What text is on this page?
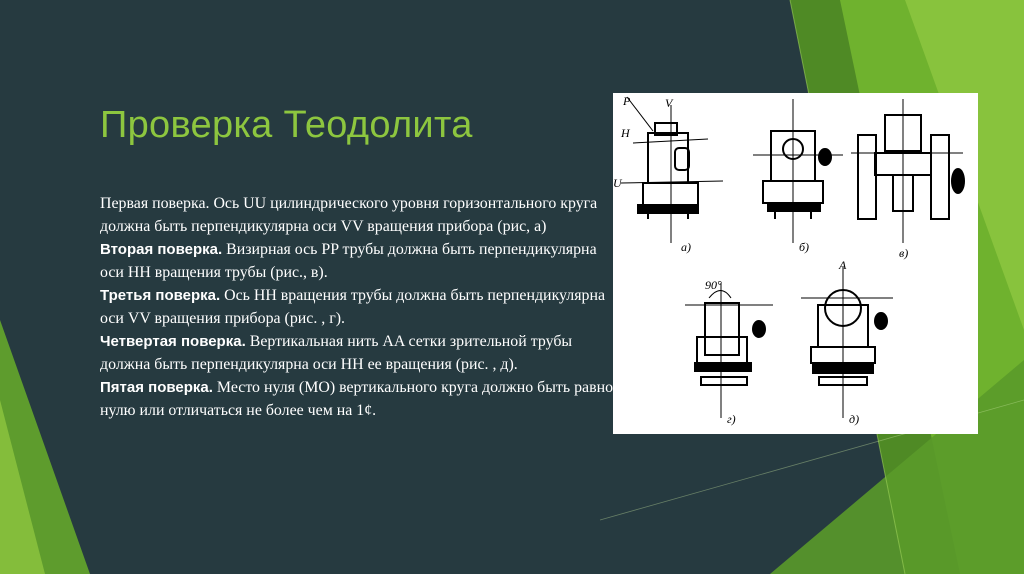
Проверка Теодолита

Первая поверка. Ось UU цилиндрического уровня горизонтального круга должна быть перпендикулярна оси VV вращения прибора (рис, а)

Вторая поверка. Визирная ось PP трубы должна быть перпендикулярна оси HH вращения трубы (рис., в).

Третья поверка. Ось HH вращения трубы должна быть перпендикулярна оси VV вращения прибора (рис. , г).

Четвертая поверка. Вертикальная нить AA сетки зрительной трубы должна быть перпендикулярна оси HH ее вращения (рис. , д).

Пятая поверка. Место нуля (МО) вертикального круга должно быть равно нулю или отличаться не более чем на 1¢.

а)	б)	в)
г)	д)
V
H
P
U
A
90°
